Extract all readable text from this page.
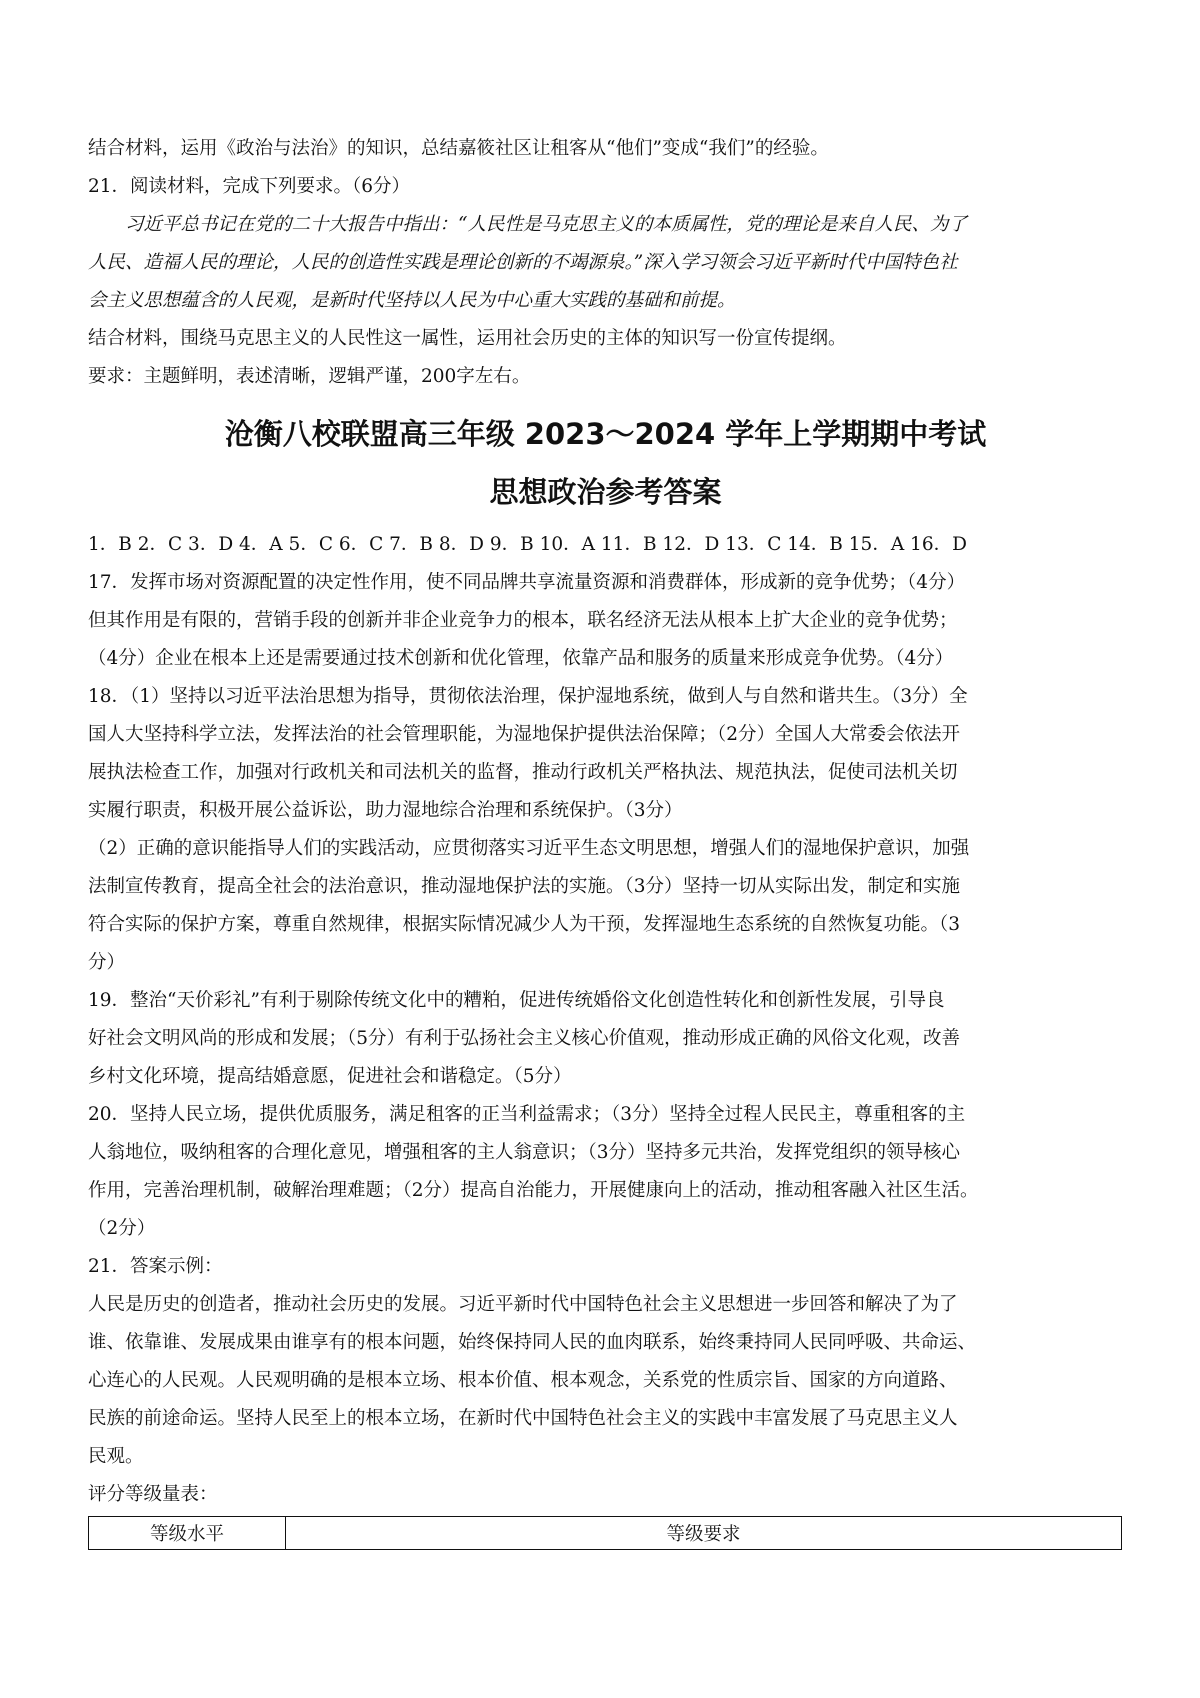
结合材料，运用《政治与法治》的知识，总结嘉筱社区让租客从“他们”变成“我们”的经验。
21．阅读材料，完成下列要求。（6分）
习近平总书记在党的二十大报告中指出：“人民性是马克思主义的本质属性，党的理论是来自人民、为了
人民、造福人民的理论，人民的创造性实践是理论创新的不竭源泉。”深入学习领会习近平新时代中国特色社
会主义思想蕴含的人民观，是新时代坚持以人民为中心重大实践的基础和前提。
结合材料，围绕马克思主义的人民性这一属性，运用社会历史的主体的知识写一份宣传提纲。
要求：主题鲜明，表述清晰，逻辑严谨，200字左右。
沧衡八校联盟高三年级 2023～2024 学年上学期期中考试
思想政治参考答案
1．B 2．C 3．D 4．A 5．C 6．C 7．B 8．D 9．B 10．A 11．B 12．D 13．C 14．B 15．A 16．D
17．发挥市场对资源配置的决定性作用，使不同品牌共享流量资源和消费群体，形成新的竞争优势；（4分）
但其作用是有限的，营销手段的创新并非企业竞争力的根本，联名经济无法从根本上扩大企业的竞争优势；
（4分）企业在根本上还是需要通过技术创新和优化管理，依靠产品和服务的质量来形成竞争优势。（4分）
18．（1）坚持以习近平法治思想为指导，贯彻依法治理，保护湿地系统，做到人与自然和谐共生。（3分）全
国人大坚持科学立法，发挥法治的社会管理职能，为湿地保护提供法治保障；（2分）全国人大常委会依法开
展执法检查工作，加强对行政机关和司法机关的监督，推动行政机关严格执法、规范执法，促使司法机关切
实履行职责，积极开展公益诉讼，助力湿地综合治理和系统保护。（3分）
（2）正确的意识能指导人们的实践活动，应贯彻落实习近平生态文明思想，增强人们的湿地保护意识，加强
法制宣传教育，提高全社会的法治意识，推动湿地保护法的实施。（3分）坚持一切从实际出发，制定和实施
符合实际的保护方案，尊重自然规律，根据实际情况减少人为干预，发挥湿地生态系统的自然恢复功能。（3
分）
19．整治“天价彩礼”有利于剔除传统文化中的糟粕，促进传统婚俗文化创造性转化和创新性发展，引导良
好社会文明风尚的形成和发展；（5分）有利于弘扬社会主义核心价值观，推动形成正确的风俗文化观，改善
乡村文化环境，提高结婚意愿，促进社会和谐稳定。（5分）
20．坚持人民立场，提供优质服务，满足租客的正当利益需求；（3分）坚持全过程人民民主，尊重租客的主
人翁地位，吸纳租客的合理化意见，增强租客的主人翁意识；（3分）坚持多元共治，发挥党组织的领导核心
作用，完善治理机制，破解治理难题；（2分）提高自治能力，开展健康向上的活动，推动租客融入社区生活。
（2分）
21．答案示例：
人民是历史的创造者，推动社会历史的发展。习近平新时代中国特色社会主义思想进一步回答和解决了为了
谁、依靠谁、发展成果由谁享有的根本问题，始终保持同人民的血肉联系，始终秉持同人民同呼吸、共命运、
心连心的人民观。人民观明确的是根本立场、根本价值、根本观念，关系党的性质宗旨、国家的方向道路、
民族的前途命运。坚持人民至上的根本立场，在新时代中国特色社会主义的实践中丰富发展了马克思主义人
民观。
评分等级量表：
等级水平	等级要求
